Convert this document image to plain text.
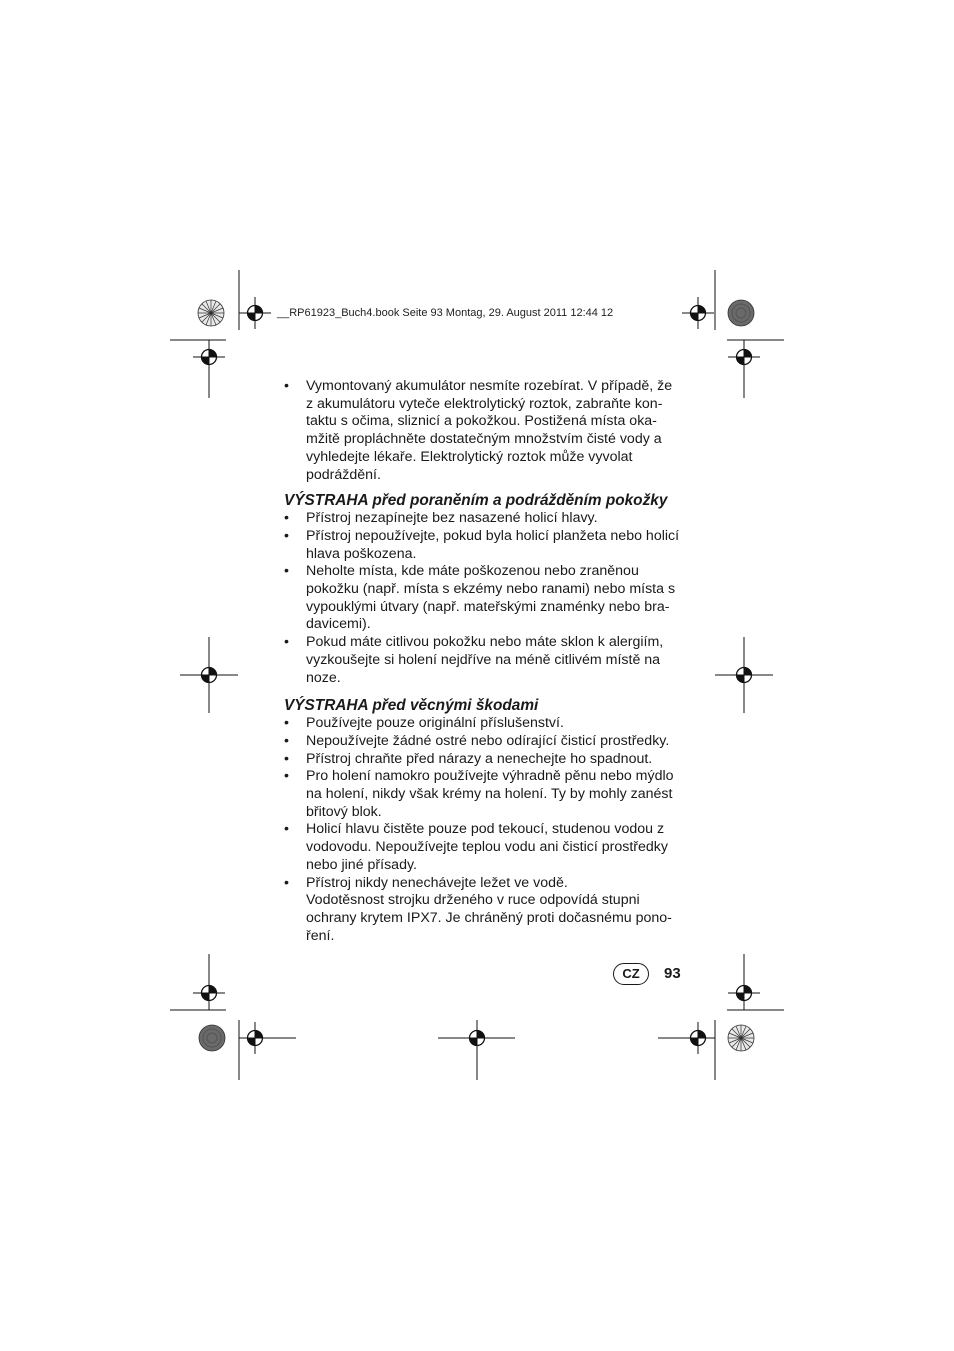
__RP61923_Buch4.book Seite 93 Montag, 29. August 2011 12:44 12
• Vymontovaný akumulátor nesmíte rozebírat. V případě, že
z akumulátoru vyteče elektrolytický roztok, zabraňte kon-
taktu s očima, sliznicí a pokožkou. Postižená místa oka-
mžitě propláchněte dostatečným množstvím čisté vody a
vyhledejte lékaře. Elektrolytický roztok může vyvolat
podráždění.
VÝSTRAHA před poraněním a podrážděním pokožky
• Přístroj nezapínejte bez nasazené holicí hlavy.
• Přístroj nepoužívejte, pokud byla holicí planžeta nebo holicí
hlava poškozena.
• Neholte místa, kde máte poškozenou nebo zraněnou
pokožku (např. místa s ekzémy nebo ranami) nebo místa s
vypouklými útvary (např. mateřskými znaménky nebo bra-
davicemi).
• Pokud máte citlivou pokožku nebo máte sklon k alergiím,
vyzkoušejte si holení nejdříve na méně citlivém místě na
noze.
VÝSTRAHA před věcnými škodami
• Používejte pouze originální příslušenství.
• Nepoužívejte žádné ostré nebo odírající čisticí prostředky.
• Přístroj chraňte před nárazy a nenechejte ho spadnout.
• Pro holení namokro používejte výhradně pěnu nebo mýdlo
na holení, nikdy však krémy na holení. Ty by mohly zanést
břitový blok.
• Holicí hlavu čistěte pouze pod tekoucí, studenou vodou z
vodovodu. Nepoužívejte teplou vodu ani čisticí prostředky
nebo jiné přísady.
• Přístroj nikdy nenechávejte ležet ve vodě.
Vodotěsnost strojku drženého v ruce odpovídá stupni
ochrany krytem IPX7. Je chráněný proti dočasnému pono-
ření.
CZ	93
